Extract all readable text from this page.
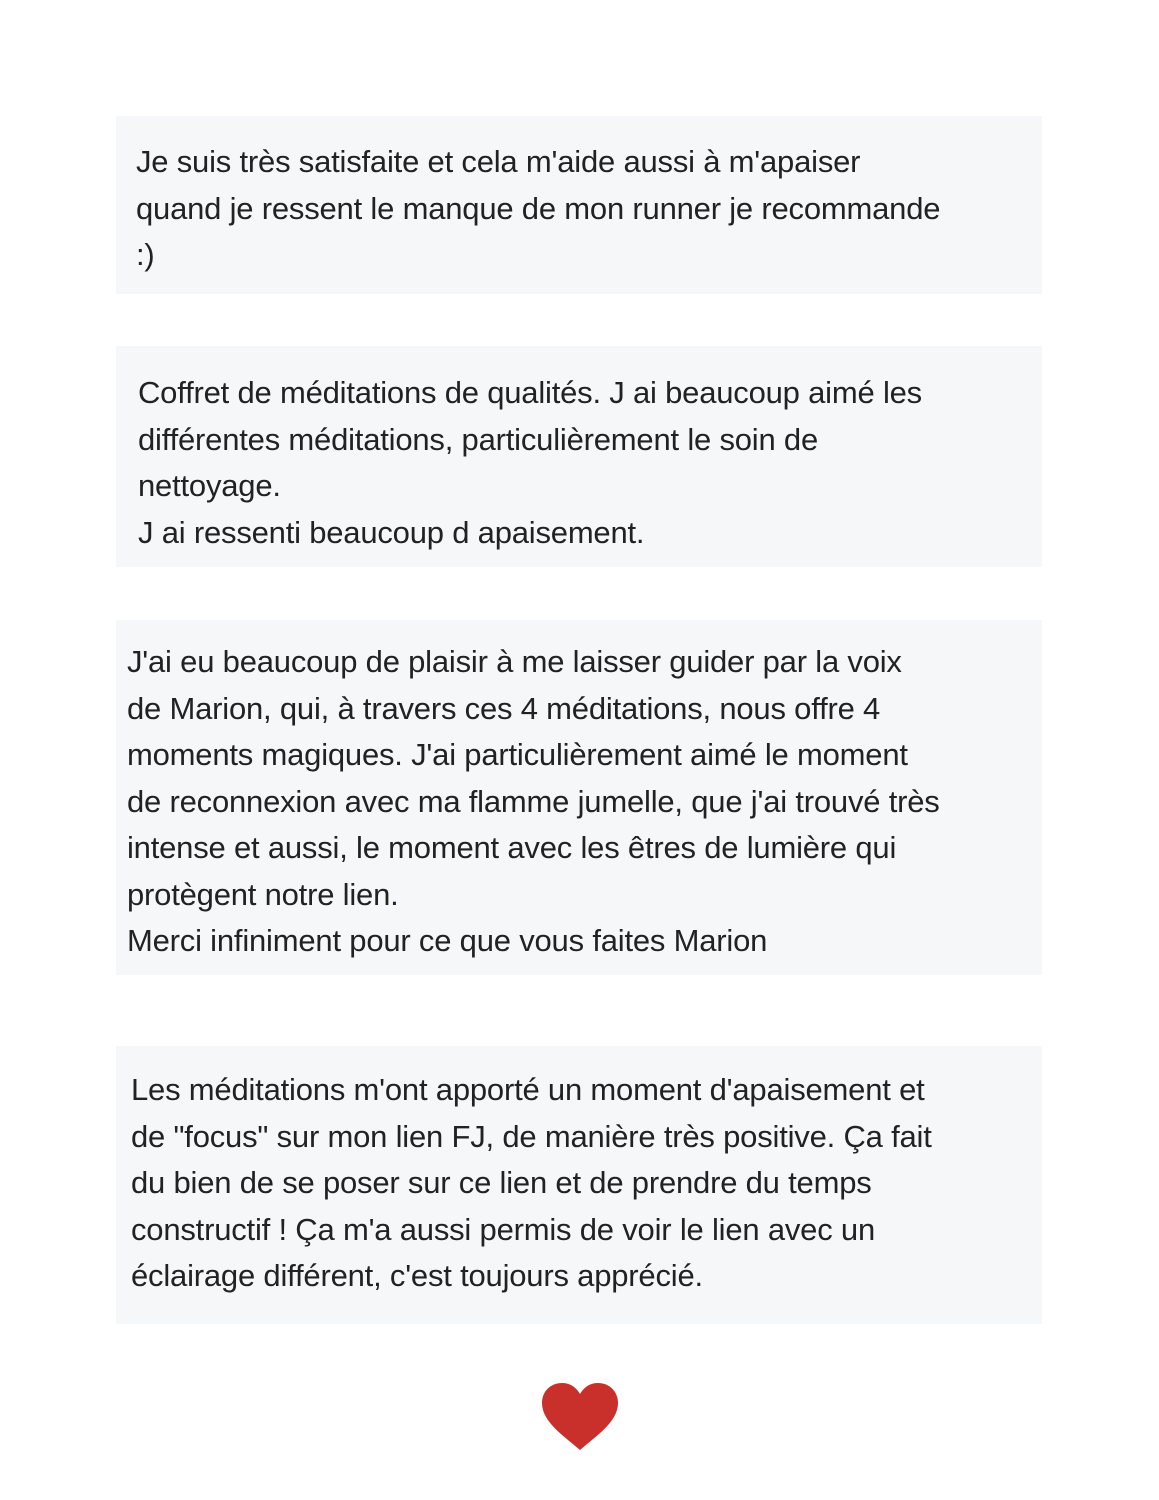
Je suis très satisfaite et cela m'aide aussi à m'apaiser
quand je ressent le manque de mon runner je recommande
:)

Coffret de méditations de qualités. J ai beaucoup aimé les
différentes méditations, particulièrement le soin de
nettoyage.
J ai ressenti beaucoup d apaisement.

J'ai eu beaucoup de plaisir à me laisser guider par la voix
de Marion, qui, à travers ces 4 méditations, nous offre 4
moments magiques. J'ai particulièrement aimé le moment
de reconnexion avec ma flamme jumelle, que j'ai trouvé très
intense et aussi, le moment avec les êtres de lumière qui
protègent notre lien.
Merci infiniment pour ce que vous faites Marion

Les méditations m'ont apporté un moment d'apaisement et
de "focus" sur mon lien FJ, de manière très positive. Ça fait
du bien de se poser sur ce lien et de prendre du temps
constructif ! Ça m'a aussi permis de voir le lien avec un
éclairage différent, c'est toujours apprécié.
